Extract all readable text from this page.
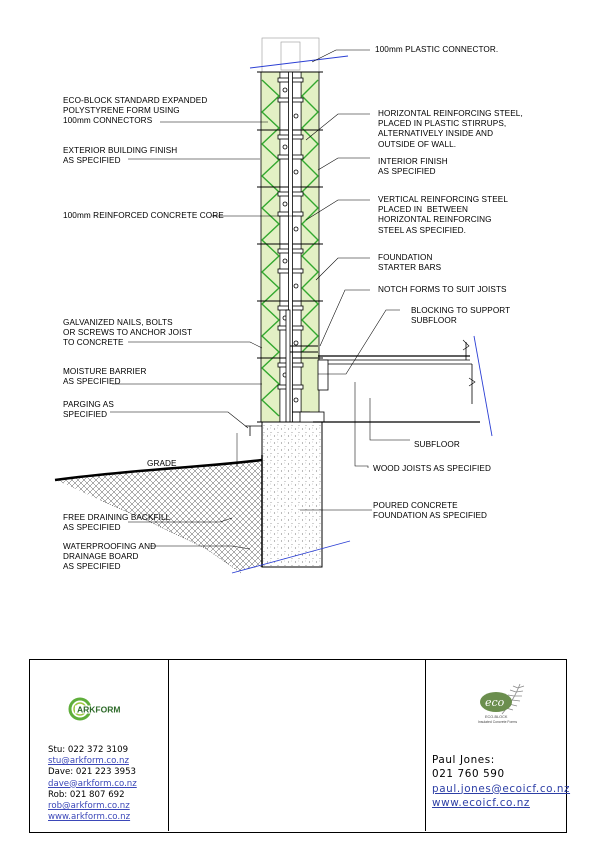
100mm PLASTIC CONNECTOR.
ECO-BLOCK STANDARD EXPANDED
POLYSTYRENE FORM USING
100mm CONNECTORS
HORIZONTAL REINFORCING STEEL,
PLACED IN PLASTIC STIRRUPS,
ALTERNATIVELY INSIDE AND
OUTSIDE OF WALL.
EXTERIOR BUILDING FINISH
AS SPECIFIED	INTERIOR FINISH
AS SPECIFIED
VERTICAL REINFORCING STEEL
PLACED IN  BETWEEN
HORIZONTAL REINFORCING
STEEL AS SPECIFIED.
100mm REINFORCED CONCRETE CORE
FOUNDATION
STARTER BARS
NOTCH FORMS TO SUIT JOISTS
BLOCKING TO SUPPORT
SUBFLOOR
GALVANIZED NAILS, BOLTS
OR SCREWS TO ANCHOR JOIST
TO CONCRETE
MOISTURE BARRIER
AS SPECIFIED
PARGING AS
SPECIFIED
SUBFLOOR
GRADE
WOOD JOISTS AS SPECIFIED
POURED CONCRETE
FOUNDATION AS SPECIFIED
FREE DRAINING BACKFILL
AS SPECIFIED
WATERPROOFING AND
DRAINAGE BOARD
AS SPECIFIED
ARKFORM
Stu: 022 372 3109
stu@arkform.co.nz
Dave: 021 223 3953
dave@arkform.co.nz
Rob: 021 807 692
rob@arkform.co.nz
www.arkform.co.nz
eco
ECO-BLOCK
Insulated Concrete Forms
Paul Jones:
021 760 590
paul.jones@ecoicf.co.nz
www.ecoicf.co.nz
